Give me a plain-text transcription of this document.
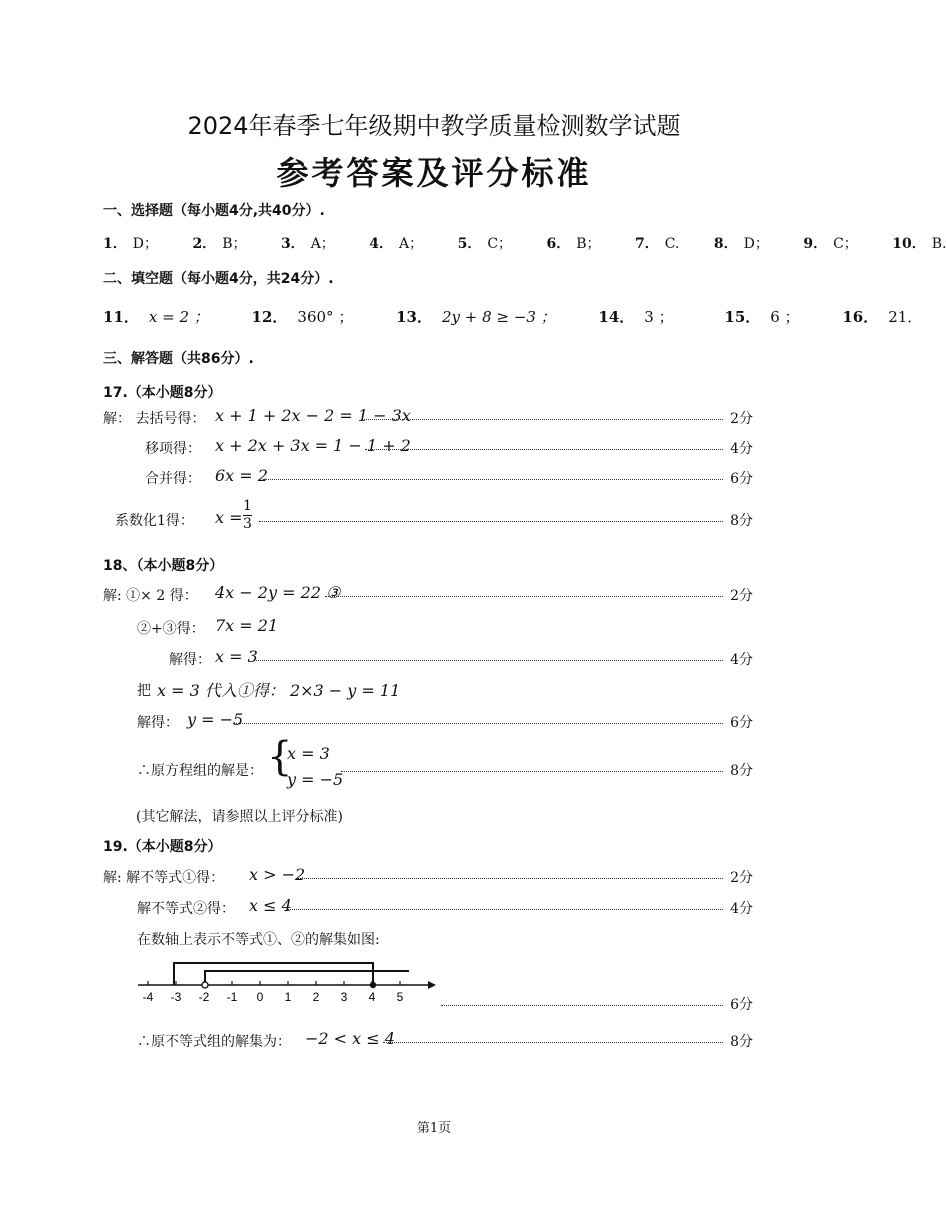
2024年春季七年级期中教学质量检测数学试题
参考答案及评分标准
一、选择题（每小题4分,共40分）.
1． D； 2． B； 3． A； 4． A； 5． C； 6． B； 7． C. 8． D； 9． C； 10． B.
二、填空题（每小题4分，共24分）.
11． x = 2 ；	12． 360° ；	13． 2y + 8 ≥ −3 ；	14． 3 ；	15． 6 ；	16． 21．
三、解答题（共86分）.
17.（本小题8分）
解： 去括号得： x + 1 + 2x − 2 = 1 − 3x	2分
移项得： x + 2x + 3x = 1 − 1 + 2	4分
合并得： 6x = 2	6分
系数化1得： $x = \frac{1}{3}$	8分
18、（本小题8分）
解: ①× 2 得： 4x − 2y = 22 ③	2分
②+③得： 7x = 21
解得： x = 3	4分
把 x = 3 代入①得： 2×3 − y = 11
解得： y = −5	6分
∴原方程组的解是： {
x = 3
y = −5	8分
(其它解法，请参照以上评分标准)
19.（本小题8分）
解: 解不等式①得： x > −2	2分
解不等式②得： x ≤ 4	4分
在数轴上表示不等式①、②的解集如图:
-4 -3 -2 -1 0 1 2 3 4 5	6分
∴原不等式组的解集为： −2 < x ≤ 4	8分
第1页
